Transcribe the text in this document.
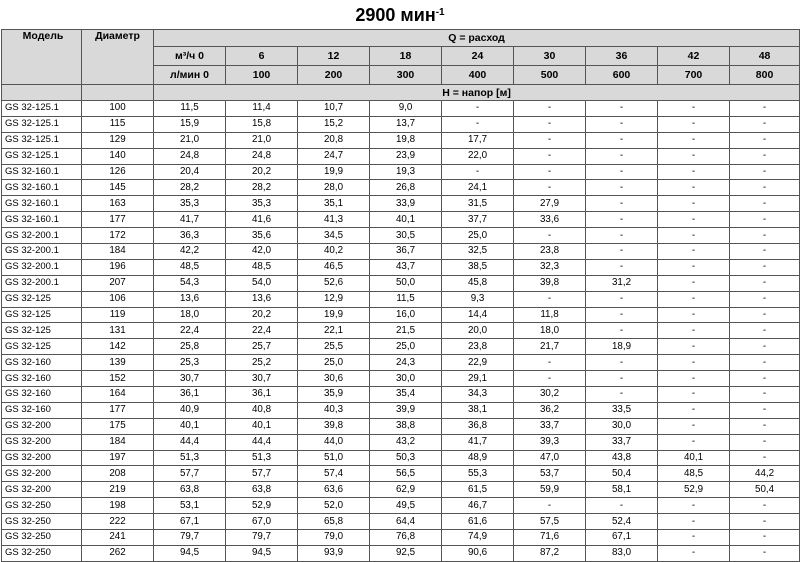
2900 мин$^{-1}$
Модель	Диаметр	Q = расход								
		м³/ч 0	6	12	18	24	30	36	42	48
		л/мин 0	100	200	300	400	500	600	700	800
		H = напор [м]								
GS 32-125.1	100	11,5	11,4	10,7	9,0	-	-	-	-	-
GS 32-125.1	115	15,9	15,8	15,2	13,7	-	-	-	-	-
GS 32-125.1	129	21,0	21,0	20,8	19,8	17,7	-	-	-	-
GS 32-125.1	140	24,8	24,8	24,7	23,9	22,0	-	-	-	-
GS 32-160.1	126	20,4	20,2	19,9	19,3	-	-	-	-	-
GS 32-160.1	145	28,2	28,2	28,0	26,8	24,1	-	-	-	-
GS 32-160.1	163	35,3	35,3	35,1	33,9	31,5	27,9	-	-	-
GS 32-160.1	177	41,7	41,6	41,3	40,1	37,7	33,6	-	-	-
GS 32-200.1	172	36,3	35,6	34,5	30,5	25,0	-	-	-	-
GS 32-200.1	184	42,2	42,0	40,2	36,7	32,5	23,8	-	-	-
GS 32-200.1	196	48,5	48,5	46,5	43,7	38,5	32,3	-	-	-
GS 32-200.1	207	54,3	54,0	52,6	50,0	45,8	39,8	31,2	-	-
GS 32-125	106	13,6	13,6	12,9	11,5	9,3	-	-	-	-
GS 32-125	119	18,0	20,2	19,9	16,0	14,4	11,8	-	-	-
GS 32-125	131	22,4	22,4	22,1	21,5	20,0	18,0	-	-	-
GS 32-125	142	25,8	25,7	25,5	25,0	23,8	21,7	18,9	-	-
GS 32-160	139	25,3	25,2	25,0	24,3	22,9	-	-	-	-
GS 32-160	152	30,7	30,7	30,6	30,0	29,1	-	-	-	-
GS 32-160	164	36,1	36,1	35,9	35,4	34,3	30,2	-	-	-
GS 32-160	177	40,9	40,8	40,3	39,9	38,1	36,2	33,5	-	-
GS 32-200	175	40,1	40,1	39,8	38,8	36,8	33,7	30,0	-	-
GS 32-200	184	44,4	44,4	44,0	43,2	41,7	39,3	33,7	-	-
GS 32-200	197	51,3	51,3	51,0	50,3	48,9	47,0	43,8	40,1	-
GS 32-200	208	57,7	57,7	57,4	56,5	55,3	53,7	50,4	48,5	44,2
GS 32-200	219	63,8	63,8	63,6	62,9	61,5	59,9	58,1	52,9	50,4
GS 32-250	198	53,1	52,9	52,0	49,5	46,7	-	-	-	-
GS 32-250	222	67,1	67,0	65,8	64,4	61,6	57,5	52,4	-	-
GS 32-250	241	79,7	79,7	79,0	76,8	74,9	71,6	67,1	-	-
GS 32-250	262	94,5	94,5	93,9	92,5	90,6	87,2	83,0	-	-
